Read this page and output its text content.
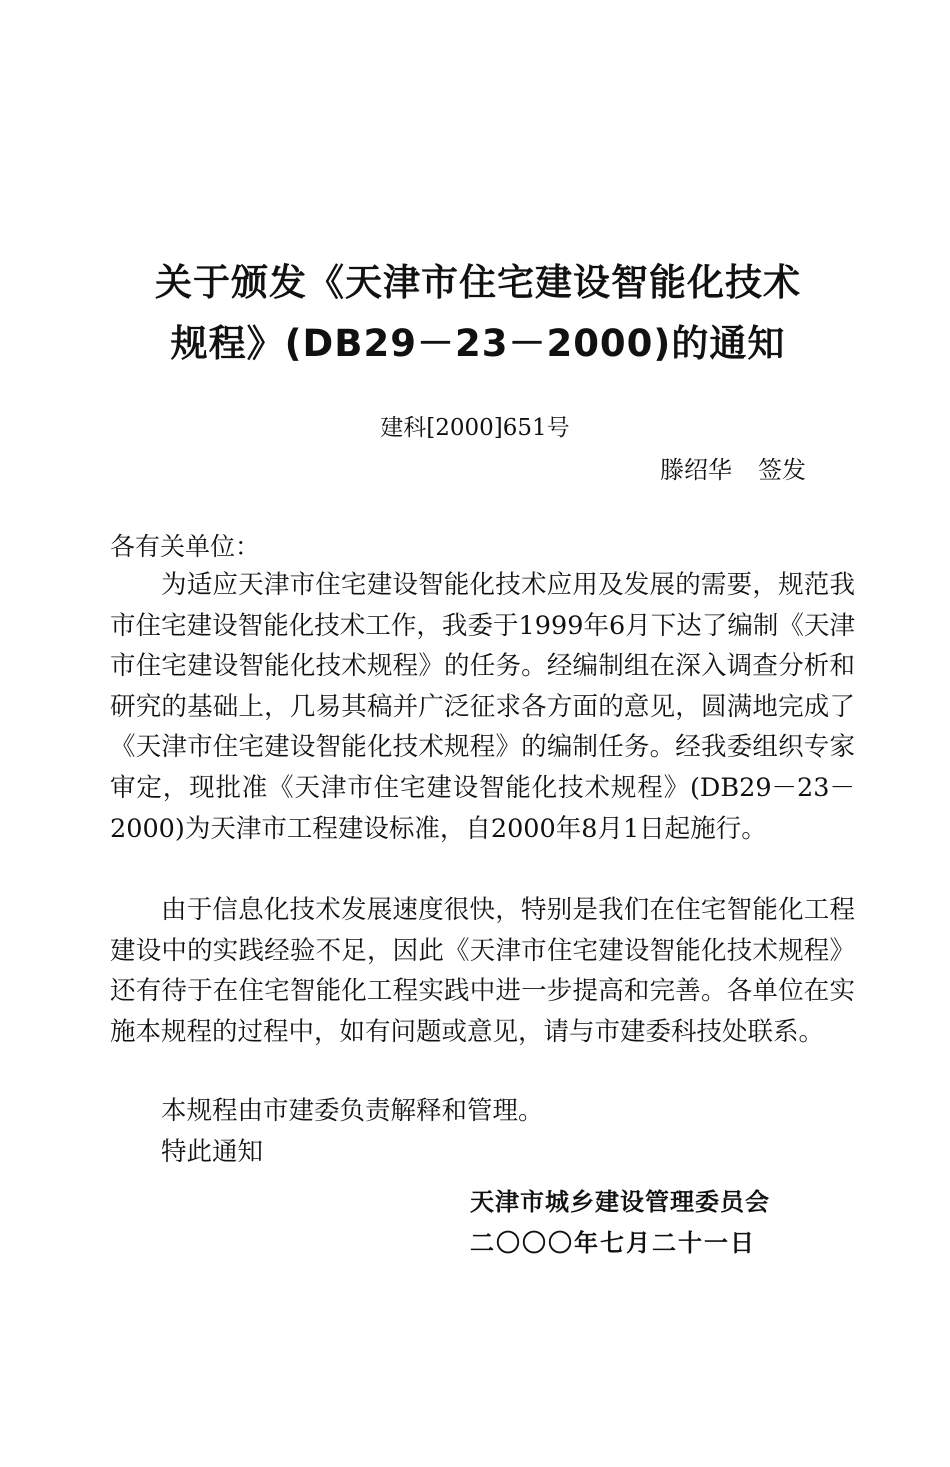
关于颁发《天津市住宅建设智能化技术
规程》(DB29－23－2000)的通知
建科[2000]651号
滕绍华 签发
各有关单位：

为适应天津市住宅建设智能化技术应用及发展的需要，规范我市住宅建设智能化技术工作，我委于1999年6月下达了编制《天津市住宅建设智能化技术规程》的任务。经编制组在深入调查分析和研究的基础上，几易其稿并广泛征求各方面的意见，圆满地完成了《天津市住宅建设智能化技术规程》的编制任务。经我委组织专家审定，现批准《天津市住宅建设智能化技术规程》(DB29－23－2000)为天津市工程建设标准，自2000年8月1日起施行。

由于信息化技术发展速度很快，特别是我们在住宅智能化工程建设中的实践经验不足，因此《天津市住宅建设智能化技术规程》还有待于在住宅智能化工程实践中进一步提高和完善。各单位在实施本规程的过程中，如有问题或意见，请与市建委科技处联系。

本规程由市建委负责解释和管理。

特此通知

天津市城乡建设管理委员会
二〇〇〇年七月二十一日
